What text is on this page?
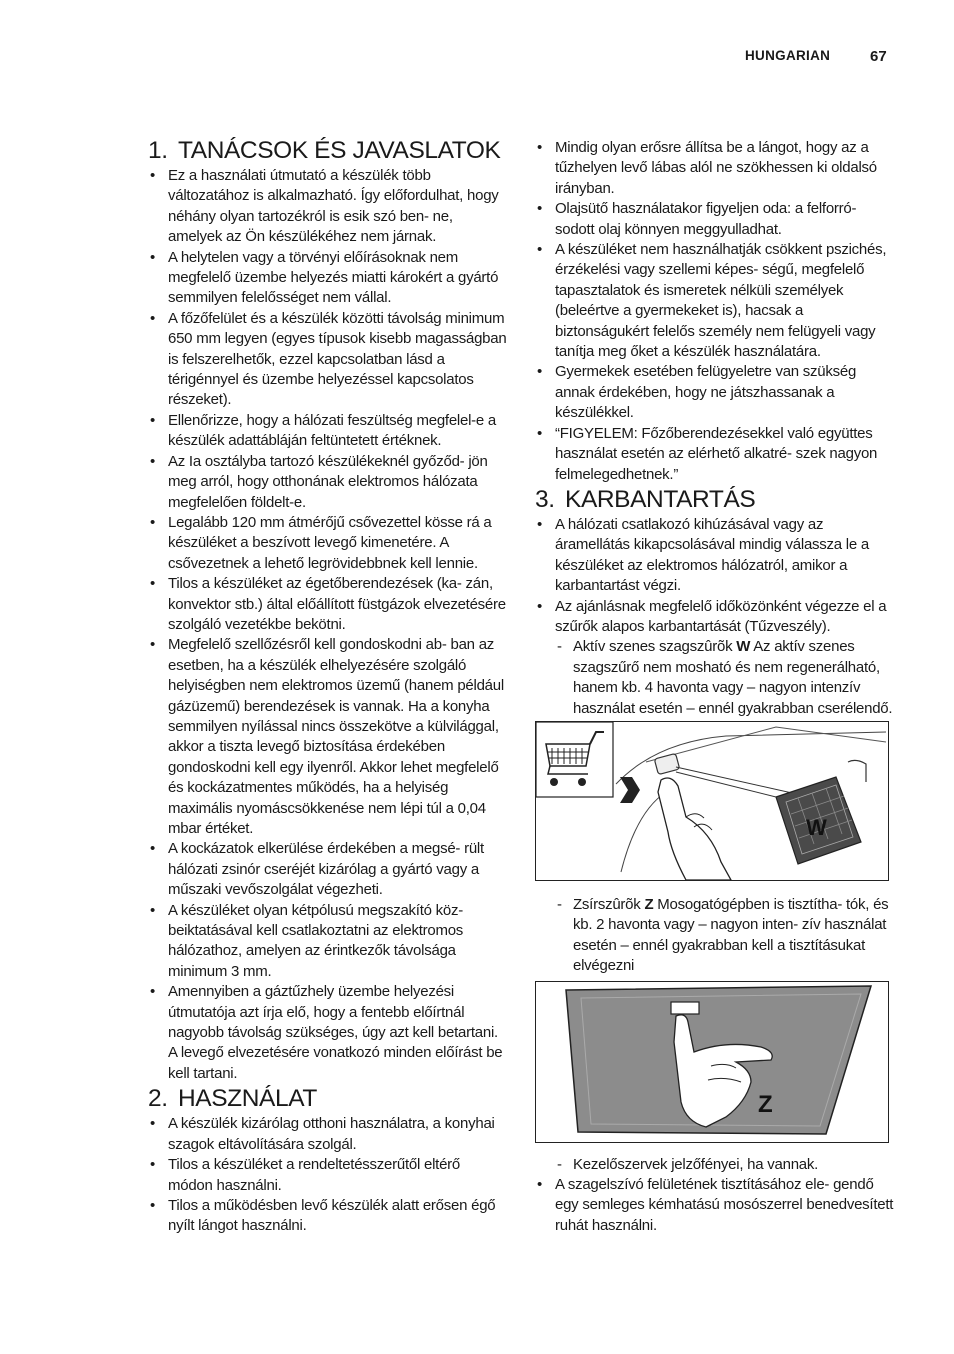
HUNGARIAN	67
1. TANÁCSOK ÉS JAVASLATOK
• Ez a használati útmutató a készülék több változatához is alkalmazható. Így előfordulhat, hogy néhány olyan tartozékról is esik szó ben- ne, amelyek az Ön készülékéhez nem járnak.
• A helytelen vagy a törvényi előírásoknak nem megfelelő üzembe helyezés miatti károkért a gyártó semmilyen felelősséget nem vállal.
• A főzőfelület és a készülék közötti távolság minimum 650 mm legyen (egyes típusok kisebb magasságban is felszerelhetők, ezzel kapcsolatban lásd a térigénnyel és üzembe helyezéssel kapcsolatos részeket).
• Ellenőrizze, hogy a hálózati feszültség megfelel-e a készülék adattábláján feltüntetett értéknek.
• Az Ia osztályba tartozó készülékeknél győződ- jön meg arról, hogy otthonának elektromos hálózata megfelelően földelt-e.
• Legalább 120 mm átmérőjű csővezettel kösse rá a készüléket a beszívott levegő kimenetére. A csővezetnek a lehető legrövidebbnek kell lennie.
• Tilos a készüléket az égetőberendezések (ka- zán, konvektor stb.) által előállított füstgázok elvezetésére szolgáló vezetékbe bekötni.
• Megfelelő szellőzésről kell gondoskodni ab- ban az esetben, ha a készülék elhelyezésére szolgáló helyiségben nem elektromos üzemű (hanem például gázüzemű) berendezések is vannak. Ha a konyha semmilyen nyílással nincs összekötve a külvilággal, akkor a tiszta levegő biztosítása érdekében gondoskodni kell egy ilyenről. Akkor lehet megfelelő és kockázatmentes működés, ha a helyiség maximális nyomáscsökkenése nem lépi túl a 0,04 mbar értéket.
• A kockázatok elkerülése érdekében a megsé- rült hálózati zsinór cseréjét kizárólag a gyártó vagy a műszaki vevőszolgálat végezheti.
• A készüléket olyan kétpólusú megszakító köz- beiktatásával kell csatlakoztatni az elektromos hálózathoz, amelyen az érintkezők távolsága minimum 3 mm.
• Amennyiben a gáztűzhely üzembe helyezési útmutatója azt írja elő, hogy a fentebb előírtnál nagyobb távolság szükséges, úgy azt kell betartani. A levegő elvezetésére vonatkozó minden előírást be kell tartani.
2. HASZNÁLAT
• A készülék kizárólag otthoni használatra, a konyhai szagok eltávolítására szolgál.
• Tilos a készüléket a rendeltetésszerűtől eltérő módon használni.
• Tilos a működésben levő készülék alatt erősen égő nyílt lángot használni.
• Mindig olyan erősre állítsa be a lángot, hogy az a tűzhelyen levő lábas alól ne szökhessen ki oldalsó irányban.
• Olajsütő használatakor figyeljen oda: a felforró- sodott olaj könnyen meggyulladhat.
• A készüléket nem használhatják csökkent pszichés, érzékelési vagy szellemi képes- ségű, megfelelő tapasztalatok és ismeretek nélküli személyek (beleértve a gyermekeket is), hacsak a biztonságukért felelős személy nem felügyeli vagy tanítja meg őket a készülék használatára.
• Gyermekek esetében felügyeletre van szükség annak érdekében, hogy ne játszhassanak a készülékkel.
• “FIGYELEM: Főzőberendezésekkel való együttes használat esetén az elérhető alkatré- szek nagyon felmelegedhetnek.”
3. KARBANTARTÁS
• A hálózati csatlakozó kihúzásával vagy az áramellátás kikapcsolásával mindig válassza le a készüléket az elektromos hálózatról, amikor a karbantartást végzi.
• Az ajánlásnak megfelelő időközönként végezze el a szűrők alapos karbantartását (Tűzveszély).
- Aktív szenes szagszûrõk W Az aktív szenes szagszűrő nem mosható és nem regenerálható, hanem kb. 4 havonta vagy – nagyon intenzív használat esetén – ennél gyakrabban cserélendő.
W
- Zsírszûrõk Z Mosogatógépben is tisztítha- tók, és kb. 2 havonta vagy – nagyon inten- zív használat esetén – ennél gyakrabban kell a tisztításukat elvégezni
Z
- Kezelőszervek jelzőfényei, ha vannak.
• A szagelszívó felületének tisztításához ele- gendő egy semleges kémhatású mosószerrel benedvesített ruhát használni.
